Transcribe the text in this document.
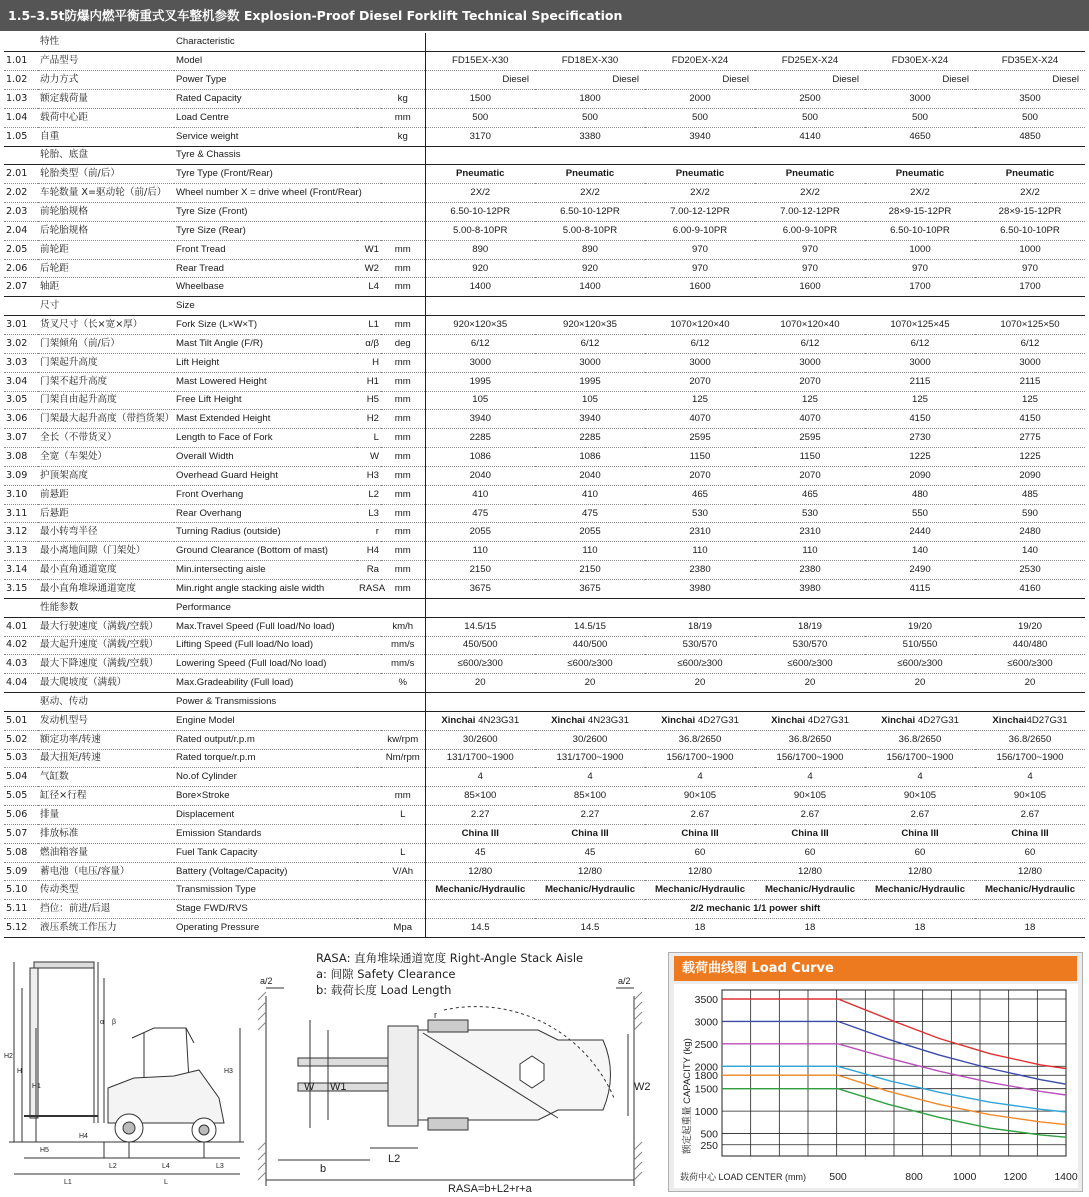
1.5–3.5t防爆内燃平衡重式叉车整机参数 Explosion-Proof Diesel Forklift Technical Specification
	特性	Characteristic								
1.01	产品型号	Model			FD15EX-X30	FD18EX-X30	FD20EX-X24	FD25EX-X24	FD30EX-X24	FD35EX-X24
1.02	动力方式	Power Type			Diesel	Diesel	Diesel	Diesel	Diesel	Diesel
1.03	额定载荷量	Rated Capacity		kg	1500	1800	2000	2500	3000	3500
1.04	载荷中心距	Load Centre		mm	500	500	500	500	500	500
1.05	自重	Service weight		kg	3170	3380	3940	4140	4650	4850
	轮胎、底盘	Tyre & Chassis								
2.01	轮胎类型（前/后）	Tyre Type (Front/Rear)			Pneumatic	Pneumatic	Pneumatic	Pneumatic	Pneumatic	Pneumatic
2.02	车轮数量 X=驱动轮（前/后）	Wheel number X = drive wheel (Front/Rear)			2X/2	2X/2	2X/2	2X/2	2X/2	2X/2
2.03	前轮胎规格	Tyre Size (Front)			6.50-10-12PR	6.50-10-12PR	7.00-12-12PR	7.00-12-12PR	28×9-15-12PR	28×9-15-12PR
2.04	后轮胎规格	Tyre Size (Rear)			5.00-8-10PR	5.00-8-10PR	6.00-9-10PR	6.00-9-10PR	6.50-10-10PR	6.50-10-10PR
2.05	前轮距	Front Tread	W1	mm	890	890	970	970	1000	1000
2.06	后轮距	Rear Tread	W2	mm	920	920	970	970	970	970
2.07	轴距	Wheelbase	L4	mm	1400	1400	1600	1600	1700	1700
	尺寸	Size								
3.01	货叉尺寸（长×宽×厚）	Fork Size (L×W×T)	L1	mm	920×120×35	920×120×35	1070×120×40	1070×120×40	1070×125×45	1070×125×50
3.02	门架倾角（前/后）	Mast Tilt Angle (F/R)	α/β	deg	6/12	6/12	6/12	6/12	6/12	6/12
3.03	门架起升高度	Lift Height	H	mm	3000	3000	3000	3000	3000	3000
3.04	门架不起升高度	Mast Lowered Height	H1	mm	1995	1995	2070	2070	2115	2115
3.05	门架自由起升高度	Free Lift Height	H5	mm	105	105	125	125	125	125
3.06	门架最大起升高度（带挡货架）	Mast Extended Height	H2	mm	3940	3940	4070	4070	4150	4150
3.07	全长（不带货叉）	Length to Face of Fork	L	mm	2285	2285	2595	2595	2730	2775
3.08	全宽（车架处）	Overall Width	W	mm	1086	1086	1150	1150	1225	1225
3.09	护顶架高度	Overhead Guard Height	H3	mm	2040	2040	2070	2070	2090	2090
3.10	前悬距	Front Overhang	L2	mm	410	410	465	465	480	485
3.11	后悬距	Rear Overhang	L3	mm	475	475	530	530	550	590
3.12	最小转弯半径	Turning Radius (outside)	r	mm	2055	2055	2310	2310	2440	2480
3.13	最小离地间隙（门架处）	Ground Clearance (Bottom of mast)	H4	mm	110	110	110	110	140	140
3.14	最小直角通道宽度	Min.intersecting aisle	Ra	mm	2150	2150	2380	2380	2490	2530
3.15	最小直角堆垛通道宽度	Min.right angle stacking aisle width	RASA	mm	3675	3675	3980	3980	4115	4160
	性能参数	Performance								
4.01	最大行驶速度（满载/空载）	Max.Travel Speed (Full load/No load)		km/h	14.5/15	14.5/15	18/19	18/19	19/20	19/20
4.02	最大起升速度（满载/空载）	Lifting Speed (Full load/No load)		mm/s	450/500	440/500	530/570	530/570	510/550	440/480
4.03	最大下降速度（满载/空载）	Lowering Speed (Full load/No load)		mm/s	≤600/≥300	≤600/≥300	≤600/≥300	≤600/≥300	≤600/≥300	≤600/≥300
4.04	最大爬坡度（满载）	Max.Gradeability (Full load)		%	20	20	20	20	20	20
	驱动、传动	Power & Transmissions								
5.01	发动机型号	Engine Model			Xinchai 4N23G31	Xinchai 4N23G31	Xinchai 4D27G31	Xinchai 4D27G31	Xinchai 4D27G31	Xinchai4D27G31
5.02	额定功率/转速	Rated output/r.p.m		kw/rpm	30/2600	30/2600	36.8/2650	36.8/2650	36.8/2650	36.8/2650
5.03	最大扭矩/转速	Rated torque/r.p.m		Nm/rpm	131/1700~1900	131/1700~1900	156/1700~1900	156/1700~1900	156/1700~1900	156/1700~1900
5.04	气缸数	No.of Cylinder			4	4	4	4	4	4
5.05	缸径×行程	Bore×Stroke		mm	85×100	85×100	90×105	90×105	90×105	90×105
5.06	排量	Displacement		L	2.27	2.27	2.67	2.67	2.67	2.67
5.07	排放标准	Emission Standards			China III	China III	China III	China III	China III	China III
5.08	燃油箱容量	Fuel Tank Capacity		L	45	45	60	60	60	60
5.09	蓄电池（电压/容量）	Battery (Voltage/Capacity)		V/Ah	12/80	12/80	12/80	12/80	12/80	12/80
5.10	传动类型	Transmission Type			Mechanic/Hydraulic	Mechanic/Hydraulic	Mechanic/Hydraulic	Mechanic/Hydraulic	Mechanic/Hydraulic	Mechanic/Hydraulic
5.11	挡位：前进/后退	Stage FWD/RVS			2/2 mechanic 1/1 power shift					
5.12	液压系统工作压力	Operating Pressure		Mpa	14.5	14.5	18	18	18	18
H2
H
H1
H3
H4
H5
L2	L4	L3
L1	L
α β
RASA: 直角堆垛通道宽度 Right-Angle Stack Aisle
a: 间隙 Safety Clearance
b: 载荷长度 Load Length
a/2	a/2
r
W W1	W2
b
L2
RASA=b+L2+r+a
载荷曲线图 Load Curve
3500
3000
2500
2000
1800
1500
1000
500
250
500	800	1000	1200	1400
载荷中心 LOAD CENTER (mm)
额定起重量 CAPACITY (kg)
